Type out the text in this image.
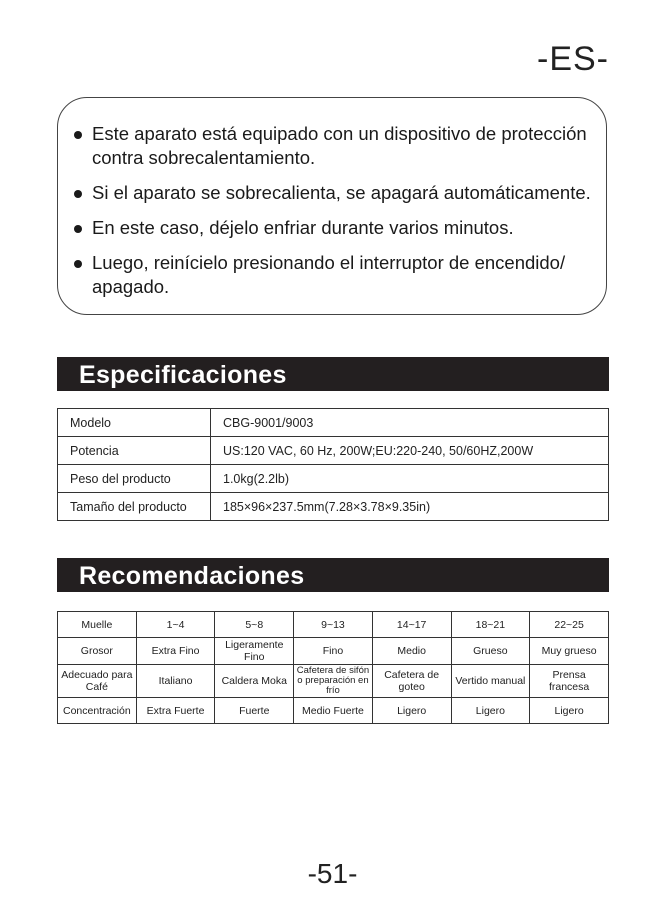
-ES-
Este aparato está equipado con un dispositivo de protección contra sobrecalentamiento.
Si el aparato se sobrecalienta, se apagará automáticamente.
En este caso, déjelo enfriar durante varios minutos.
Luego, reinícielo presionando el interruptor de encendido/ apagado.
Especificaciones
Modelo	CBG-9001/9003
Potencia	US:120 VAC, 60 Hz, 200W;EU:220-240, 50/60HZ,200W
Peso del producto	1.0kg(2.2lb)
Tamaño del producto	185×96×237.5mm(7.28×3.78×9.35in)
Recomendaciones
Muelle	1~4	5~8	9~13	14~17	18~21	22~25
Grosor	Extra Fino	Ligeramente Fino	Fino	Medio	Grueso	Muy grueso
Adecuado para Café	Italiano	Caldera Moka	Cafetera de sifón o preparación en frío	Cafetera de goteo	Vertido manual	Prensa francesa
Concentración	Extra Fuerte	Fuerte	Medio Fuerte	Ligero	Ligero	Ligero
-51-
